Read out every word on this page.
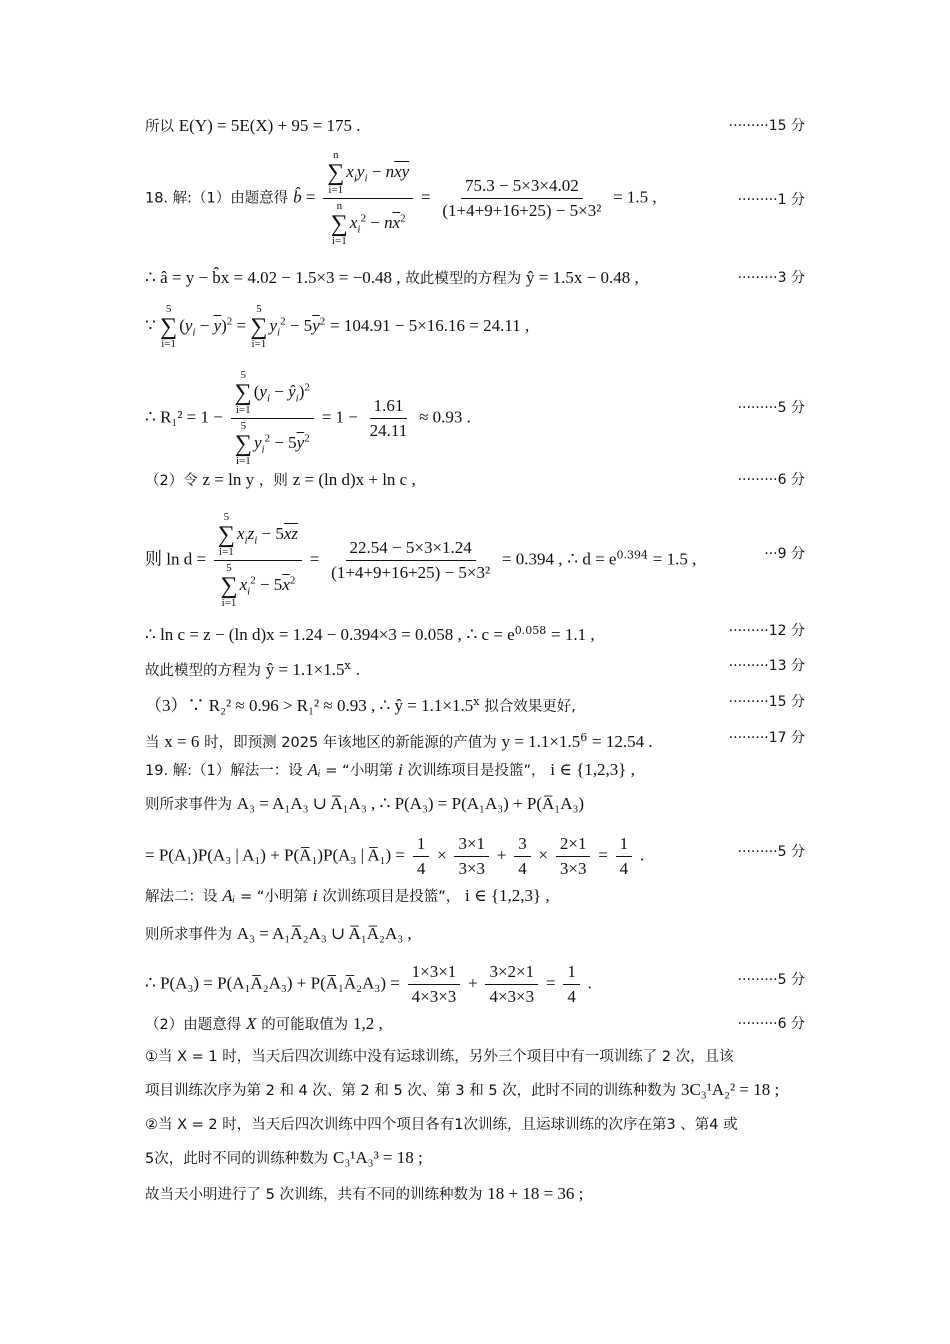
所以 E(Y) = 5E(X) + 95 = 175 .	·········15 分
18. 解:（1）由题意得 b̂ = n
∑
i=1
$x_iy_i - n\overline{x}\overline{y}$
n
∑
i=1
$x_i^2 - n\overline{x}^2 = \frac{75.3 - 5\times 3\times 4.02}{\text{(1+4+9+16+25) − 5×3²}} = 1.5$ ,	·········1 分
∴ â = y − b̂x = 4.02 − 1.5×3 = −0.48 , 故此模型的方程为 ŷ = 1.5x − 0.48 ,	·········3 分
∵
5
∑
i=1
$(y_i - \overline{y})^2$ =
5
∑
i=1
$y_i^2 - 5\overline{y}^2 = 104.91 - 5\times 16.16 = 24.11$ ,
∴ R₁² = 1 − 5
∑
i=1
($y_i$ − $ŷ_i)^2$
5
∑
i=1
$y_i^2 - 5\overline{y}^2 = 1 - \frac{1.61}{24.11} \approx 0.93$ .	·········5 分
（2）令 z = ln y ，则 z = (ln d)x + ln c ,	·········6 分
则 ln d = 5
∑
i=1
$x_iz_i - 5\overline{x}\overline{z}$
5
∑
i=1
$x_i^2 - 5\overline{x}^2 = \frac{22.54 - 5\times 3\times 1.24}{\text{(1+4+9+16+25) − 5×3²}} = 0.394$ , ∴ $d = e^{0.394} = 1.5$ ,	···9 分
∴ ln c = z − (ln d)x = 1.24 − 0.394×3 = 0.058 , ∴ $c = e^{0.058} = 1.1$ ,	·········12 分
故此模型的方程为 ŷ = $1.1\times 1.5^x$ .	·········13 分
（3）∵ R₂² ≈ 0.96 > R₁² ≈ 0.93 , ∴ ŷ = $1.1\times 1.5^x$ 拟合效果更好,	·········15 分
当 x = 6 时，即预测 2025 年该地区的新能源的产值为 $y = 1.1\times 1.5^6 = 12.54$ .	·········17 分
19. 解:（1）解法一：设 Aᵢ = “小明第 i 次训练项目是投篮”， i ∈ {1,2,3} ,
则所求事件为 A₃ = A₁A₃ ∪ A̅₁A₃ , ∴ P(A₃) = P(A₁A₃) + P(A̅₁A₃)
= P(A₁)P(A₃ | A₁) + P(A̅₁)P(A₃ | A̅₁) = $\frac{1}{4} \times \frac{3\times 1}{3\times 3} + \frac{3}{4} \times \frac{2\times 1}{3\times 3} = \frac{1}{4}$ .	·········5 分
解法二：设 Aᵢ = “小明第 i 次训练项目是投篮”， i ∈ {1,2,3} ,
则所求事件为 A₃ = A₁A̅₂A₃ ∪ A̅₁A̅₂A₃ ,
∴ P(A₃) = P(A₁A̅₂A₃) + P(A̅₁A̅₂A₃) = $\frac{1\times 3\times 1}{4\times 3\times 3} + \frac{3\times 2\times 1}{4\times 3\times 3} = \frac{1}{4}$ .	·········5 分
（2）由题意得 X 的可能取值为 1,2 ,	·········6 分
①当 X = 1 时，当天后四次训练中没有运球训练，另外三个项目中有一项训练了 2 次，且该
项目训练次序为第 2 和 4 次、第 2 和 5 次、第 3 和 5 次，此时不同的训练种数为 3C₃¹A₂² = 18 ;
②当 X = 2 时，当天后四次训练中四个项目各有1次训练，且运球训练的次序在第3 、第4 或
5次，此时不同的训练种数为 C₃¹A₃³ = 18 ;
故当天小明进行了 5 次训练，共有不同的训练种数为 18 + 18 = 36 ;
